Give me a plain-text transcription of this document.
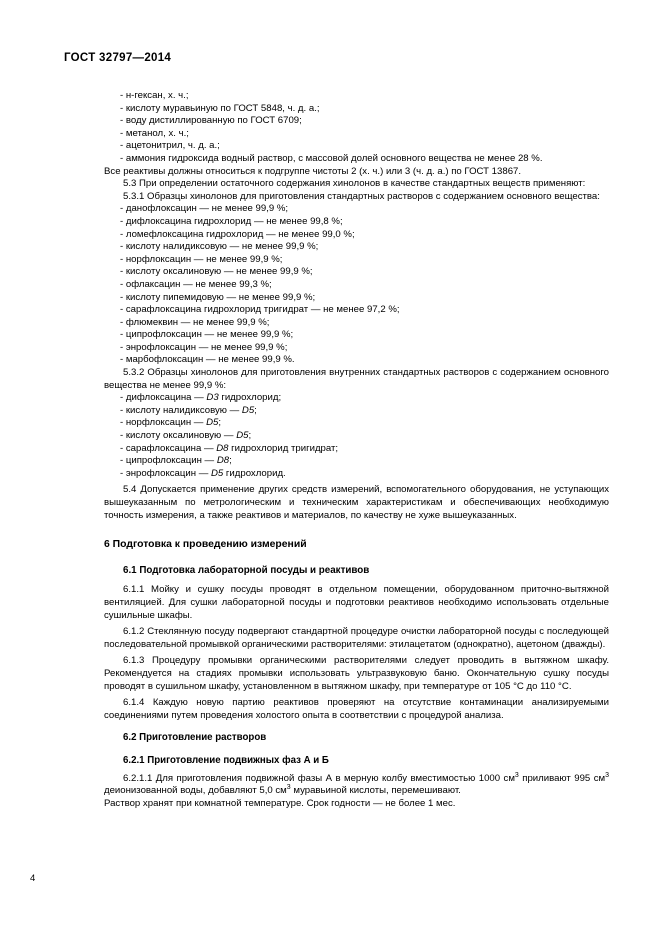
ГОСТ 32797—2014

- н-гексан, х. ч.;

- кислоту муравьиную по ГОСТ 5848, ч. д. а.;

- воду дистиллированную по ГОСТ 6709;

- метанол, х. ч.;

- ацетонитрил, ч. д. а.;

- аммония гидроксида водный раствор, с массовой долей основного вещества не менее 28 %.

Все реактивы должны относиться к подгруппе чистоты 2 (х. ч.) или 3 (ч. д. а.) по ГОСТ 13867.

5.3 При определении остаточного содержания хинолонов в качестве стандартных веществ применяют:

5.3.1 Образцы хинолонов для приготовления стандартных растворов с содержанием основного вещества:

- данофлоксацин — не менее 99,9 %;

- дифлоксацина гидрохлорид — не менее 99,8 %;

- ломефлоксацина гидрохлорид — не менее 99,0 %;

- кислоту налидиксовую — не менее 99,9 %;

- норфлоксацин — не менее 99,9 %;

- кислоту оксалиновую — не менее 99,9 %;

- офлаксацин — не менее 99,3 %;

- кислоту пипемидовую — не менее 99,9 %;

- сарафлоксацина гидрохлорид тригидрат — не менее 97,2 %;

- флюмеквин — не менее 99,9 %;

- ципрофлоксацин — не менее 99,9 %;

- энрофлоксацин — не менее 99,9 %;

- марбофлоксацин — не менее 99,9 %.

5.3.2 Образцы хинолонов для приготовления внутренних стандартных растворов с содержанием основного вещества не менее 99,9 %:

- дифлоксацина — D3 гидрохлорид;

- кислоту налидиксовую — D5;

- норфлоксацин — D5;

- кислоту оксалиновую — D5;

- сарафлоксацина — D8 гидрохлорид тригидрат;

- ципрофлоксацин — D8;

- энрофлоксацин — D5 гидрохлорид.

5.4 Допускается применение других средств измерений, вспомогательного оборудования, не уступающих вышеуказанным по метрологическим и техническим характеристикам и обеспечивающих необходимую точность измерения, а также реактивов и материалов, по качеству не хуже вышеуказанных.

6 Подготовка к проведению измерений

6.1 Подготовка лабораторной посуды и реактивов

6.1.1 Мойку и сушку посуды проводят в отдельном помещении, оборудованном приточно-вытяжной вентиляцией. Для сушки лабораторной посуды и подготовки реактивов необходимо использовать отдельные сушильные шкафы.

6.1.2 Стеклянную посуду подвергают стандартной процедуре очистки лабораторной посуды с последующей последовательной промывкой органическими растворителями: этилацетатом (однократно), ацетоном (дважды).

6.1.3 Процедуру промывки органическими растворителями следует проводить в вытяжном шкафу. Рекомендуется на стадиях промывки использовать ультразвуковую баню. Окончательную сушку посуды проводят в сушильном шкафу, установленном в вытяжном шкафу, при температуре от 105 °С до 110 °С.

6.1.4 Каждую новую партию реактивов проверяют на отсутствие контаминации анализируемыми соединениями путем проведения холостого опыта в соответствии с процедурой анализа.

6.2 Приготовление растворов

6.2.1 Приготовление подвижных фаз А и Б

6.2.1.1 Для приготовления подвижной фазы А в мерную колбу вместимостью 1000 $см^3$ приливают 995 $см^3$ деионизованной воды, добавляют 5,0 $см^3$ муравьиной кислоты, перемешивают.

Раствор хранят при комнатной температуре. Срок годности — не более 1 мес.

4
